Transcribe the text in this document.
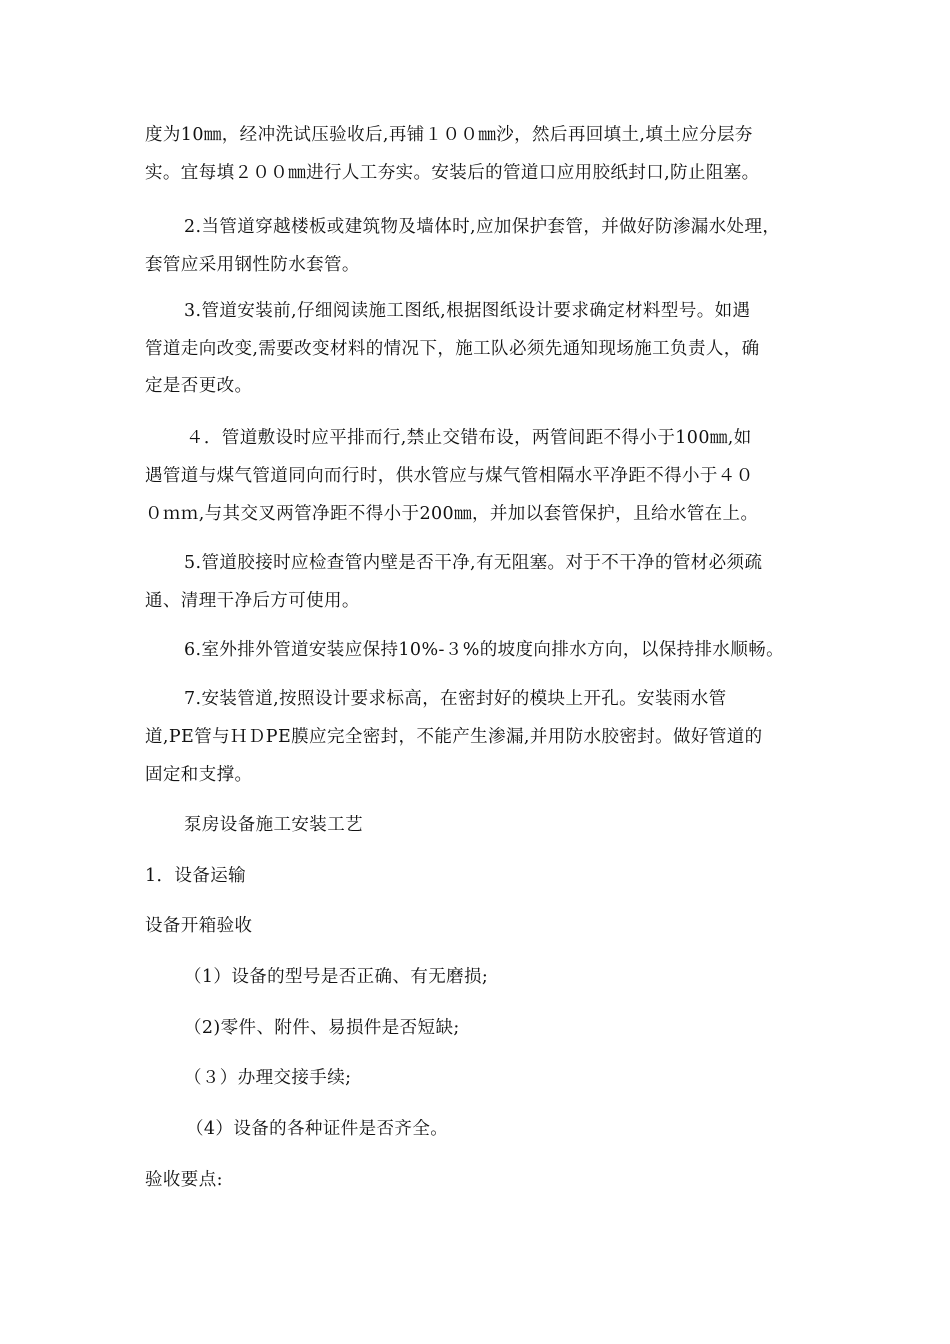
度为10㎜，经冲洗试压验收后,再铺１００㎜沙，然后再回填土,填土应分层夯
实。宜每填２００㎜进行人工夯实。安装后的管道口应用胶纸封口,防止阻塞。
2.当管道穿越楼板或建筑物及墙体时,应加保护套管，并做好防渗漏水处理，
套管应采用钢性防水套管。
3.管道安装前,仔细阅读施工图纸,根据图纸设计要求确定材料型号。如遇
管道走向改变,需要改变材料的情况下，施工队必须先通知现场施工负责人，确
定是否更改。
４．管道敷设时应平排而行,禁止交错布设，两管间距不得小于100㎜,如
遇管道与煤气管道同向而行时，供水管应与煤气管相隔水平净距不得小于４０
０ｍｍ,与其交叉两管净距不得小于200㎜，并加以套管保护，且给水管在上。
5.管道胶接时应检查管内壁是否干净,有无阻塞。对于不干净的管材必须疏
通、清理干净后方可使用。
6.室外排外管道安装应保持10%-３%的坡度向排水方向，以保持排水顺畅。
7.安装管道,按照设计要求标高，在密封好的模块上开孔。安装雨水管
道,PE管与ＨＤPE膜应完全密封，不能产生渗漏,并用防水胶密封。做好管道的
固定和支撑。
泵房设备施工安装工艺
1．设备运输
设备开箱验收
（1）设备的型号是否正确、有无磨损;
（2)零件、附件、易损件是否短缺;
（３）办理交接手续;
（4）设备的各种证件是否齐全。
验收要点:
